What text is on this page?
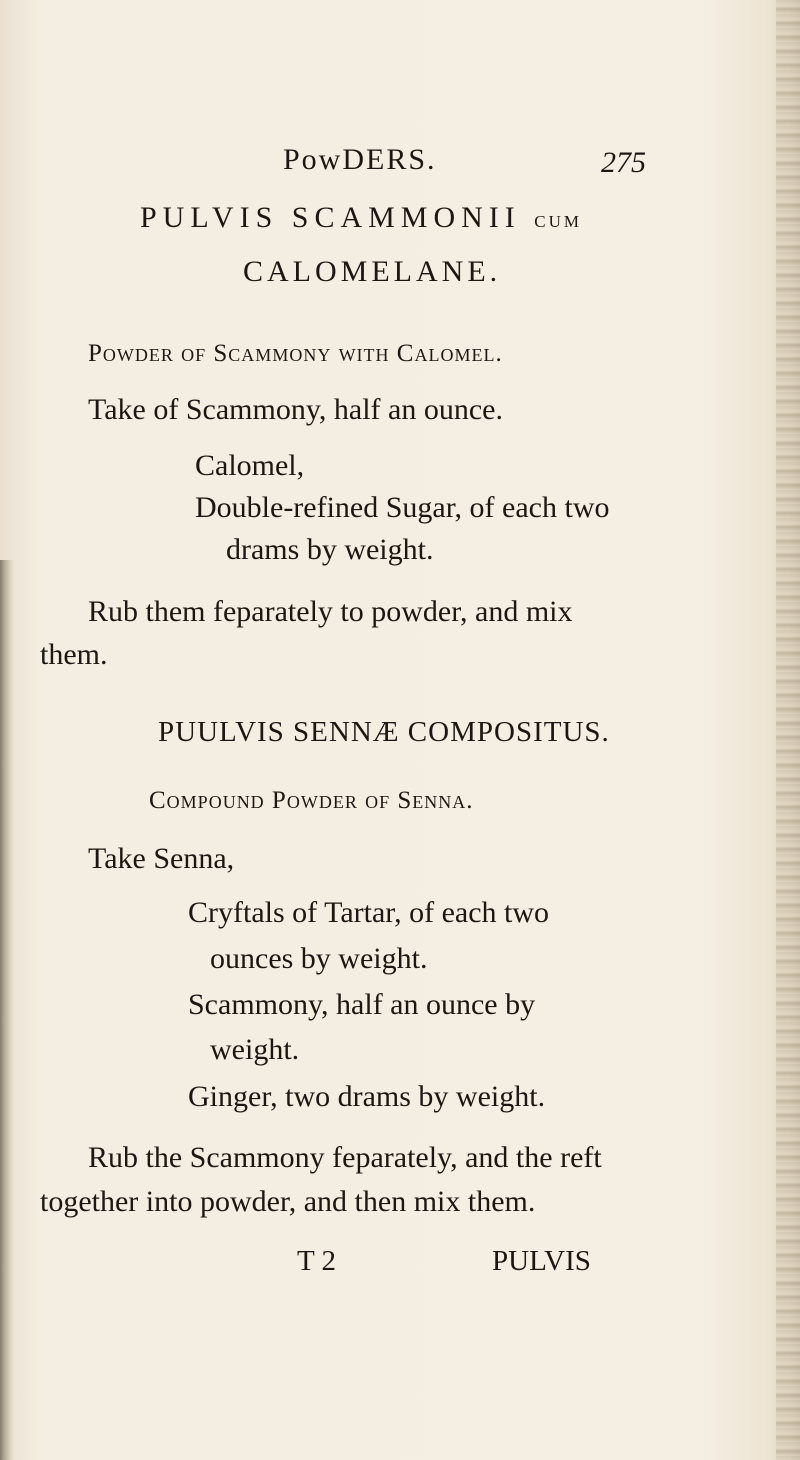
PowDERS.	275
PULVIS SCAMMONII CUM
CALOMELANE.
Powder of Scammony with Calomel.
Take of Scammony, half an ounce.
Calomel,
Double-refined Sugar, of each two
drams by weight.
Rub them feparately to powder, and mix
them.
PUULVIS SENNÆ COMPOSITUS.
Compound Powder of Senna.
Take Senna,
Cryftals of Tartar, of each two
ounces by weight.
Scammony, half an ounce by
weight.
Ginger, two drams by weight.
Rub the Scammony feparately, and the reft
together into powder, and then mix them.
T 2	PULVIS
